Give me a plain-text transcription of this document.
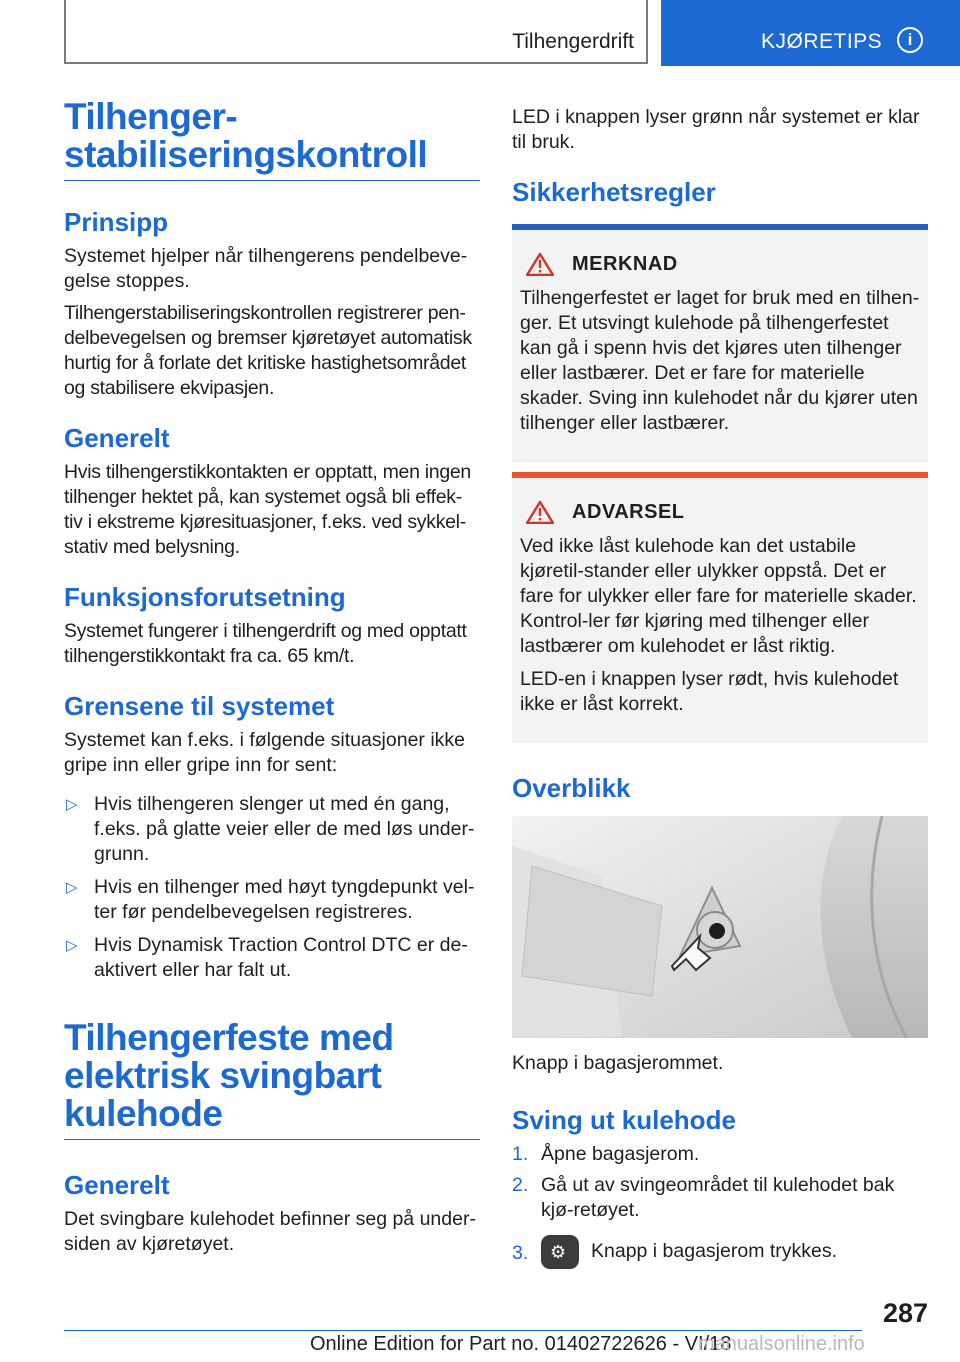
Tilhengerdrift	KJØRETIPS	i
Tilhenger-
stabiliseringskontroll
Prinsipp

Systemet hjelper når tilhengerens pendelbeve-gelse stoppes.

Tilhengerstabiliseringskontrollen registrerer pen-delbevegelsen og bremser kjøretøyet automatisk hurtig for å forlate det kritiske hastighetsområdet og stabilisere ekvipasjen.

Generelt

Hvis tilhengerstikkontakten er opptatt, men ingen tilhenger hektet på, kan systemet også bli effek-tiv i ekstreme kjøresituasjoner, f.eks. ved sykkel-stativ med belysning.

Funksjonsforutsetning

Systemet fungerer i tilhengerdrift og med opptatt tilhengerstikkontakt fra ca. 65 km/t.

Grensene til systemet

Systemet kan f.eks. i følgende situasjoner ikke gripe inn eller gripe inn for sent:

▷ Hvis tilhengeren slenger ut med én gang, f.eks. på glatte veier eller de med løs under-grunn.
▷ Hvis en tilhenger med høyt tyngdepunkt vel-ter før pendelbevegelsen registreres.
▷ Hvis Dynamisk Traction Control DTC er de-aktivert eller har falt ut.
Tilhengerfeste med
elektrisk svingbart
kulehode
Generelt

Det svingbare kulehodet befinner seg på under-siden av kjøretøyet.

LED i knappen lyser grønn når systemet er klar til bruk.

Sikkerhetsregler
MERKNAD

Tilhengerfestet er laget for bruk med en tilhen-ger. Et utsvingt kulehode på tilhengerfestet kan gå i spenn hvis det kjøres uten tilhenger eller lastbærer. Det er fare for materielle skader. Sving inn kulehodet når du kjører uten tilhenger eller lastbærer.

ADVARSEL

Ved ikke låst kulehode kan det ustabile kjøretil-stander eller ulykker oppstå. Det er fare for ulykker eller fare for materielle skader. Kontrol-ler før kjøring med tilhenger eller lastbærer om kulehodet er låst riktig.

LED-en i knappen lyser rødt, hvis kulehodet ikke er låst korrekt.

Overblikk
Knapp i bagasjerommet.
Sving ut kulehode
1. Åpne bagasjerom.
2. Gå ut av svingeområdet til kulehodet bak kjø-retøyet.
3. ⚙ Knapp i bagasjerom trykkes.
287
Online Edition for Part no. 01402722626 - VI/18
manualsonline.info
